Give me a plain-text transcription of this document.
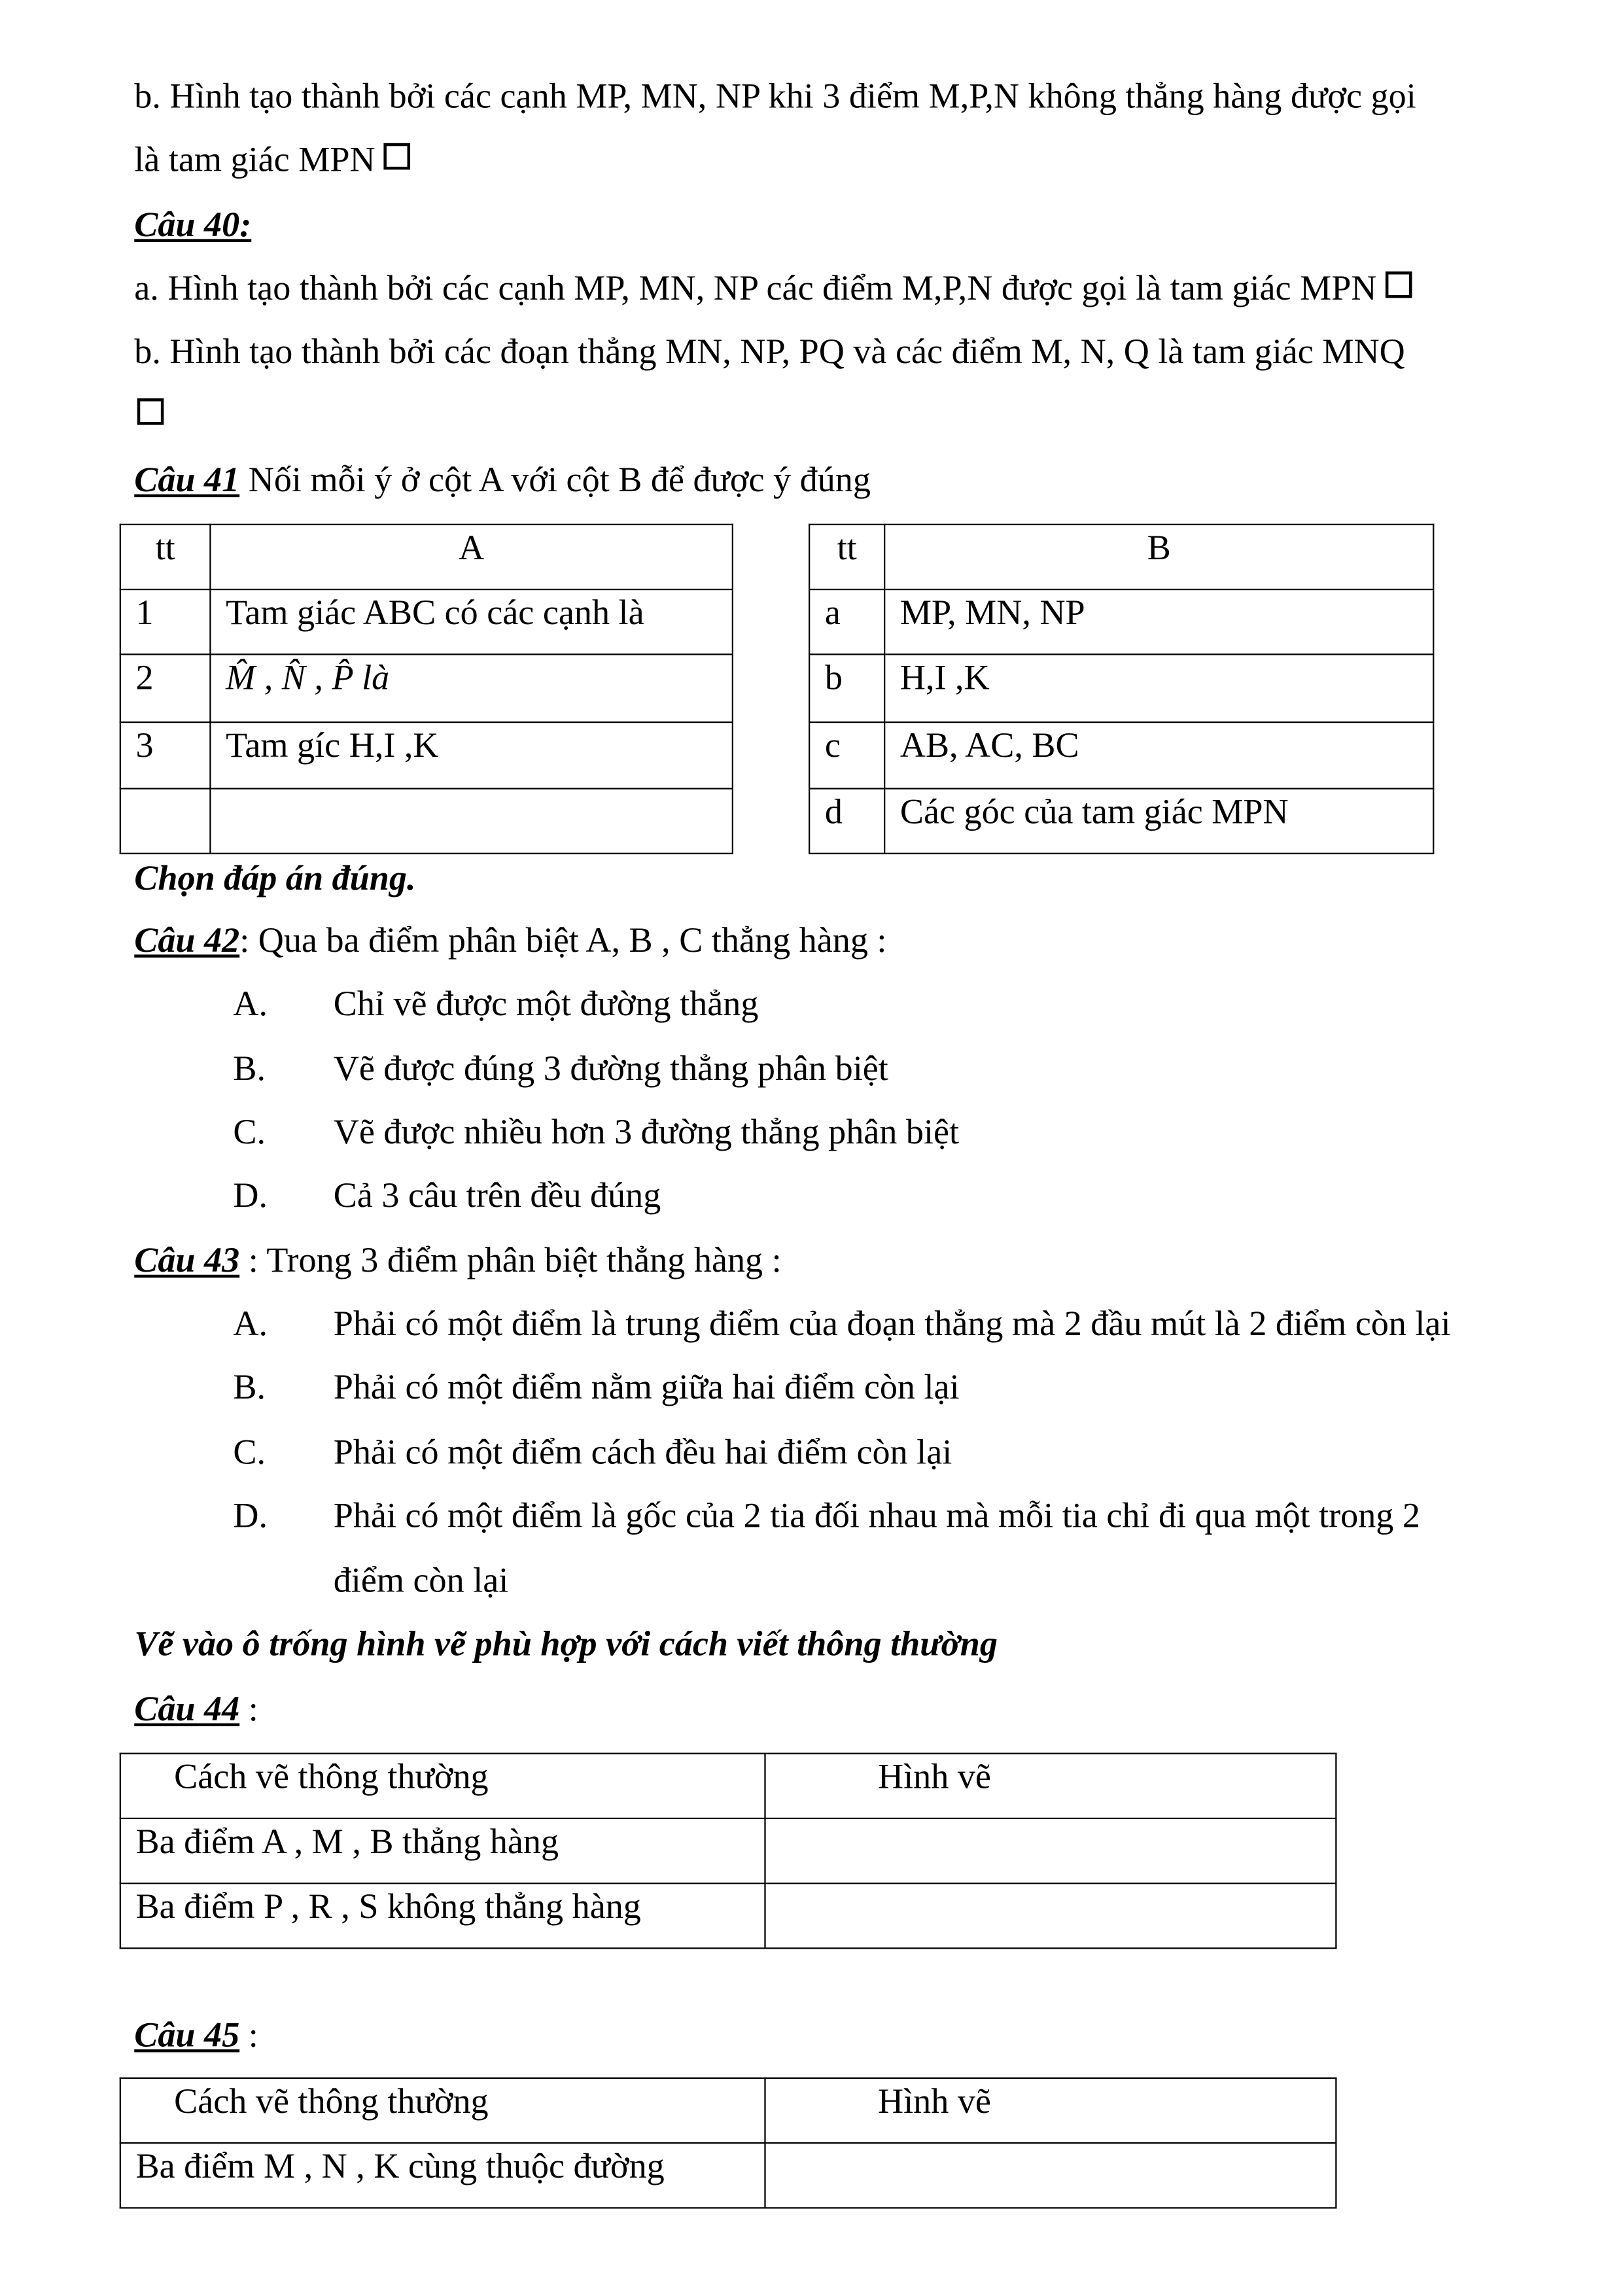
b. Hình tạo thành bởi các cạnh MP, MN, NP khi 3 điểm M,P,N không thẳng hàng được gọi
là tam giác MPN
Câu 40:
a. Hình tạo thành bởi các cạnh MP, MN, NP các điểm M,P,N được gọi là tam giác MPN
b. Hình tạo thành bởi các đoạn thẳng MN, NP, PQ và các điểm M, N, Q là tam giác MNQ
Câu 41 Nối mỗi ý ở cột A với cột B để được ý đúng
tt	A
1	Tam giác ABC có các cạnh là
2	M̂ , N̂ , P̂ là
3	Tam gíc H,I ,K

tt	B
a	MP, MN, NP
b	H,I ,K
c	AB, AC, BC
d	Các góc của tam giác MPN
Chọn đáp án đúng.
Câu 42: Qua ba điểm phân biệt A, B , C thẳng hàng :
A.	Chỉ vẽ được một đường thẳng
B.	Vẽ được đúng 3 đường thẳng phân biệt
C.	Vẽ được nhiều hơn 3 đường thẳng phân biệt
D.	Cả 3 câu trên đều đúng
Câu 43 : Trong 3 điểm phân biệt thẳng hàng :
A.	Phải có một điểm là trung điểm của đoạn thẳng mà 2 đầu mút là 2 điểm còn lại
B.	Phải có một điểm nằm giữa hai điểm còn lại
C.	Phải có một điểm cách đều hai điểm còn lại
D.	Phải có một điểm là gốc của 2 tia đối nhau mà mỗi tia chỉ đi qua một trong 2
điểm còn lại
Vẽ vào ô trống hình vẽ phù hợp với cách viết thông thường
Câu 44 :
Cách vẽ thông thường	Hình vẽ
Ba điểm A , M , B thẳng hàng	
Ba điểm P , R , S không thẳng hàng	
Câu 45 :
Cách vẽ thông thường	Hình vẽ
Ba điểm M , N , K cùng thuộc đường	
